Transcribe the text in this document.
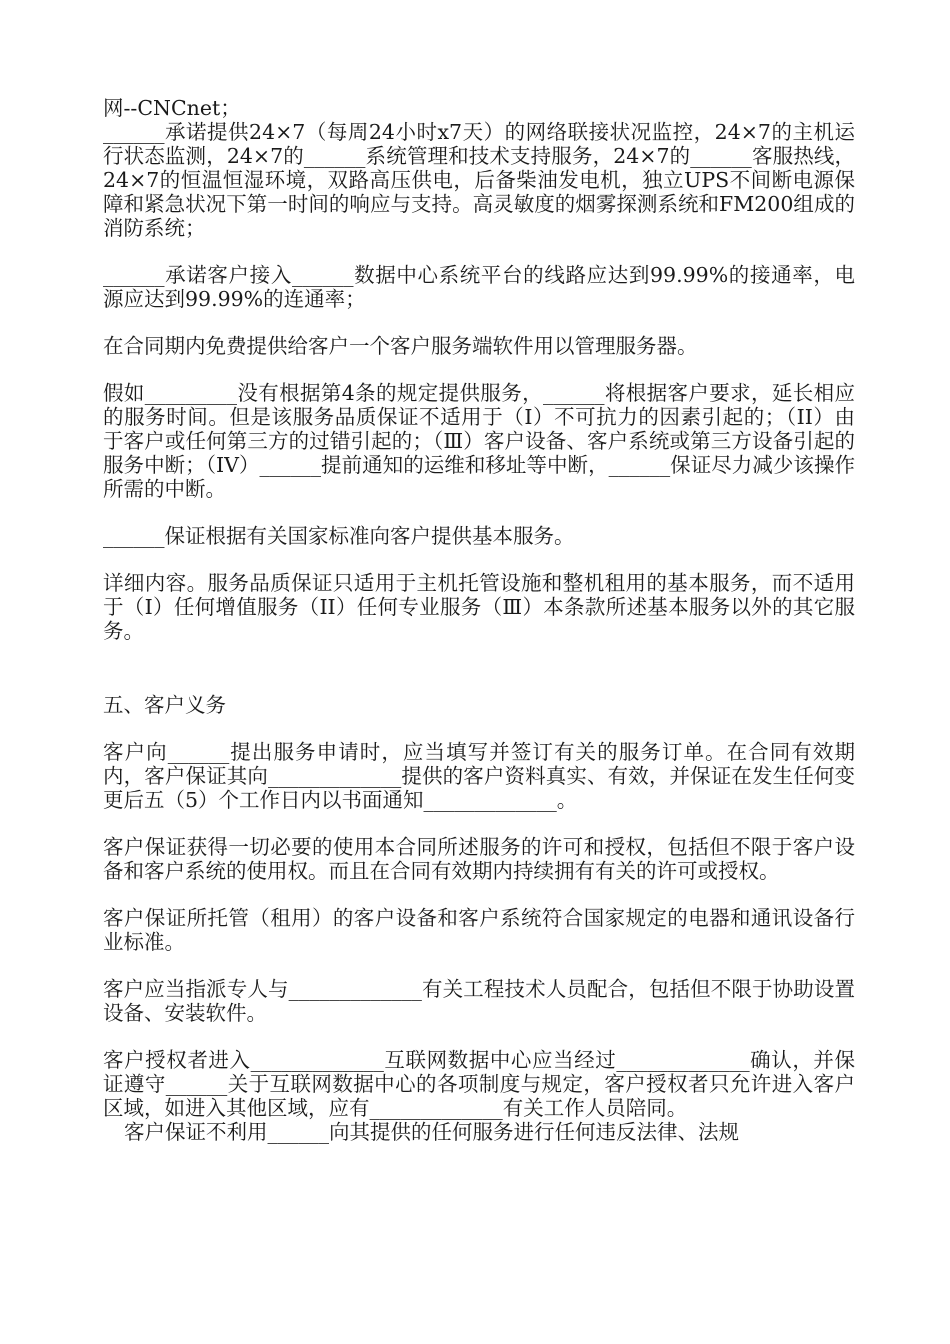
网--CNCnet；

______承诺提供24×7（每周24小时x7天）的网络联接状况监控，24×7的主机运行状态监测，24×7的______系统管理和技术支持服务，24×7的______客服热线，24×7的恒温恒湿环境，双路高压供电，后备柴油发电机，独立UPS不间断电源保障和紧急状况下第一时间的响应与支持。高灵敏度的烟雾探测系统和FM200组成的消防系统；

______承诺客户接入______数据中心系统平台的线路应达到99.99%的接通率，电源应达到99.99%的连通率；

在合同期内免费提供给客户一个客户服务端软件用以管理服务器。

假如_________没有根据第4条的规定提供服务，______将根据客户要求，延长相应的服务时间。但是该服务品质保证不适用于（I）不可抗力的因素引起的；（II）由于客户或任何第三方的过错引起的；（Ⅲ）客户设备、客户系统或第三方设备引起的服务中断；（IV）______提前通知的运维和移址等中断，______保证尽力减少该操作所需的中断。

______保证根据有关国家标准向客户提供基本服务。

详细内容。服务品质保证只适用于主机托管设施和整机租用的基本服务，而不适用于（I）任何增值服务（II）任何专业服务（Ⅲ）本条款所述基本服务以外的其它服务。

五、客户义务

客户向______提出服务申请时，应当填写并签订有关的服务订单。在合同有效期内，客户保证其向_____________提供的客户资料真实、有效，并保证在发生任何变更后五（5）个工作日内以书面通知_____________。

客户保证获得一切必要的使用本合同所述服务的许可和授权，包括但不限于客户设备和客户系统的使用权。而且在合同有效期内持续拥有有关的许可或授权。

客户保证所托管（租用）的客户设备和客户系统符合国家规定的电器和通讯设备行业标准。

客户应当指派专人与_____________有关工程技术人员配合，包括但不限于协助设置设备、安装软件。

客户授权者进入_____________互联网数据中心应当经过_____________确认，并保证遵守______关于互联网数据中心的各项制度与规定，客户授权者只允许进入客户区域，如进入其他区域，应有_____________有关工作人员陪同。

客户保证不利用______向其提供的任何服务进行任何违反法律、法规
